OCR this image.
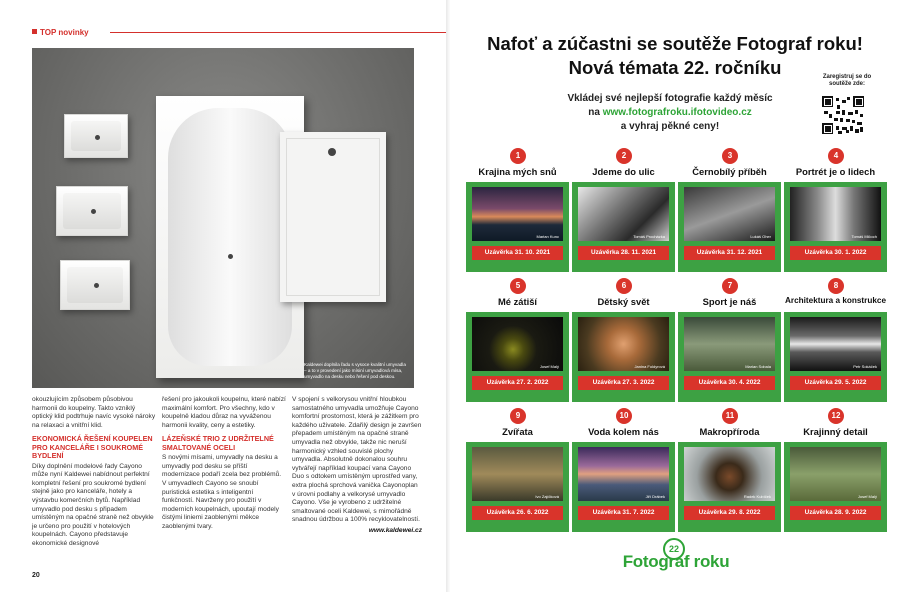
TOP novinky
Kaldewei doplnila řadu s vysoce kvalitní umyvadla – a to v provedení jako mísiní umyvadlová mísa, umyvadlo na desku nebo řešení pod deskou.

okouzlujícím způsobem působivou harmonii do koupelny. Takto vzniklý optický klid podtrhuje navíc vysoké nároky na relaxaci a vnitřní klid.

EKONOMICKÁ ŘEŠENÍ KOUPELEN PRO KANCELÁŘE I SOUKROMÉ BYDLENÍ

Díky doplnění modelové řady Cayono může nyní Kaldewei nabídnout perfektní kompletní řešení pro soukromé bydlení stejně jako pro kanceláře, hotely a výstavbu komerčních bytů. Například umyvadlo pod desku s připadem umístěným na opačné straně než obvykle je určeno pro použití v hotelových koupelnách. Cayono představuje ekonomické designové

řešení pro jakoukoli koupelnu, které nabízí maximální komfort. Pro všechny, kdo v koupelně kladou důraz na vyváženou harmonii kvality, ceny a estetiky.

LÁZEŇSKÉ TRIO Z UDRŽITELNÉ SMALTOVANÉ OCELI

S novými mísami, umyvadly na desku a umyvadly pod desku se příští modernizace podaří zcela bez problémů. V umyvadlech Cayono se snoubí puristická estetika s inteligentní funkčností. Navrženy pro použití v moderních koupelnách, upoutají modely čistými liniemi zaoblenými měkce zaoblenými tvary.

V spojení s velkorysou vnitřní hloubkou samostatného umyvadla umožňuje Cayono komfortní prostornost, která je zážitkem pro každého uživatele. Zdařilý design je završen přepadem umístěným na opačné straně umyvadla než obvykle, takže nic neruší harmonický vzhled souvislé plochy umyvadla. Absolutně dokonalou souhru vytvářejí například koupací vana Cayono Duo s odtokem umístěným uprostřed vany, extra plochá sprchová vanička Cayonoplan v úrovni podlahy a velkorysé umyvadlo Cayono. Vše je vyrobeno z udržitelné smaltované oceli Kaldewei, s mimořádně snadnou údržbou a 100% recyklovatelností.

www.kaldewei.cz
20
Nafoť a zúčastni se soutěže Fotograf roku!
Nová témata 22. ročníku
Vkládej své nejlepší fotografie každý měsíc
na www.fotografroku.ifotovideo.cz
a vyhraj pěkné ceny!
Zaregistruj se do soutěže zde:
1
Krajina mých snů
Marian Kunc
Uzávěrka 31. 10. 2021
2
Jdeme do ulic
Tomáš Procházka
Uzávěrka 28. 11. 2021
3
Černobílý příběh
Lukáš Oher
Uzávěrka 31. 12. 2021
4
Portrét je o lidech
Tomáš Mlčoch
Uzávěrka 30. 1. 2022
5
Mé zátiší
Josef Malý
Uzávěrka 27. 2. 2022
6
Dětský svět
Janina Foldyrová
Uzávěrka 27. 3. 2022
7
Sport je náš
Marian Sobala
Uzávěrka 30. 4. 2022
8
Architektura a konstrukce
Petr Sokáček
Uzávěrka 29. 5. 2022
9
Zvířata
Ivo Zajíčková
Uzávěrka 26. 6. 2022
10
Voda kolem nás
Jiří Drábek
Uzávěrka 31. 7. 2022
11
Makropříroda
Radek Kubíček
Uzávěrka 29. 8. 2022
12
Krajinný detail
Josef Malý
Uzávěrka 28. 9. 2022
22
Fotograf roku
